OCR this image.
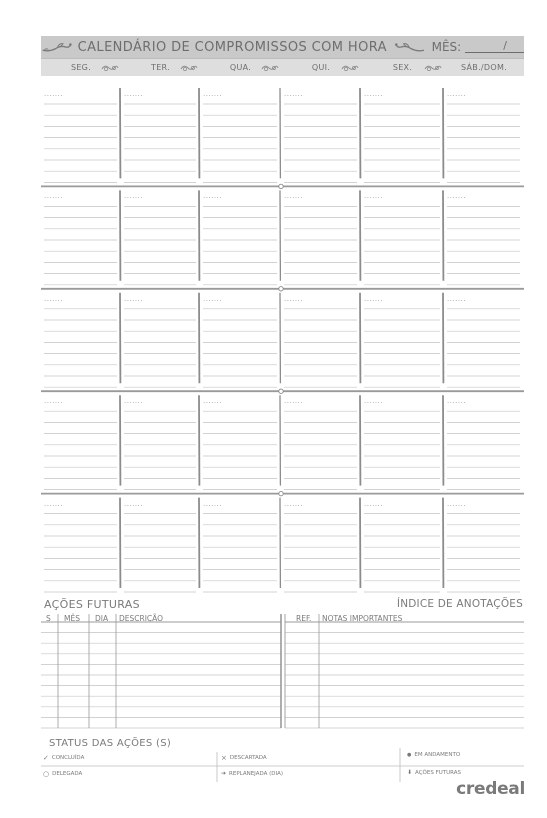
CALENDÁRIO DE COMPROMISSOS COM HORA	MÊS:	/
SEG.	TER.	QUA.	QUI.	SEX.	SÁB./DOM.
.......	.......	.......	.......	.......	.......
.......	.......	.......	.......	.......	.......
.......	.......	.......	.......	.......	.......
.......	.......	.......	.......	.......	.......
.......	.......	.......	.......	.......	.......
AÇÕES FUTURAS	ÍNDICE DE ANOTAÇÕES
S MÊS DIA DESCRIÇÃO	REF. NOTAS IMPORTANTES
STATUS DAS AÇÕES (S)
✓ CONCLUÍDA	× DESCARTADA	● EM ANDAMENTO
○ DELEGADA	➜ REPLANEJADA (DIA)	⬇ AÇÕES FUTURAS
credeal
